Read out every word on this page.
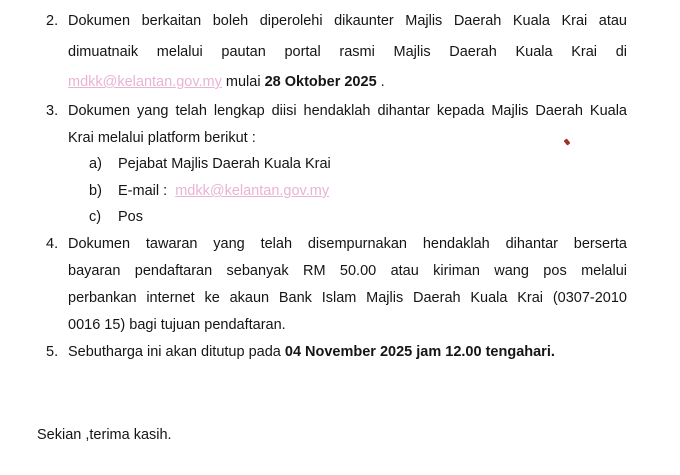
2. Dokumen berkaitan boleh diperolehi dikaunter Majlis Daerah Kuala Krai atau
dimuatnaik melalui pautan portal rasmi Majlis Daerah Kuala Krai di
mdkk@kelantan.gov.my mulai 28 Oktober 2025 .
3. Dokumen yang telah lengkap diisi hendaklah dihantar kepada Majlis Daerah Kuala
Krai melalui platform berikut :
a) Pejabat Majlis Daerah Kuala Krai
b) E-mail : mdkk@kelantan.gov.my
c) Pos
4. Dokumen tawaran yang telah disempurnakan hendaklah dihantar berserta
bayaran pendaftaran sebanyak RM 50.00 atau kiriman wang pos melalui
perbankan internet ke akaun Bank Islam Majlis Daerah Kuala Krai (0307-2010
0016 15) bagi tujuan pendaftaran.
5. Sebutharga ini akan ditutup pada 04 November 2025 jam 12.00 tengahari.
Sekian ,terima kasih.
